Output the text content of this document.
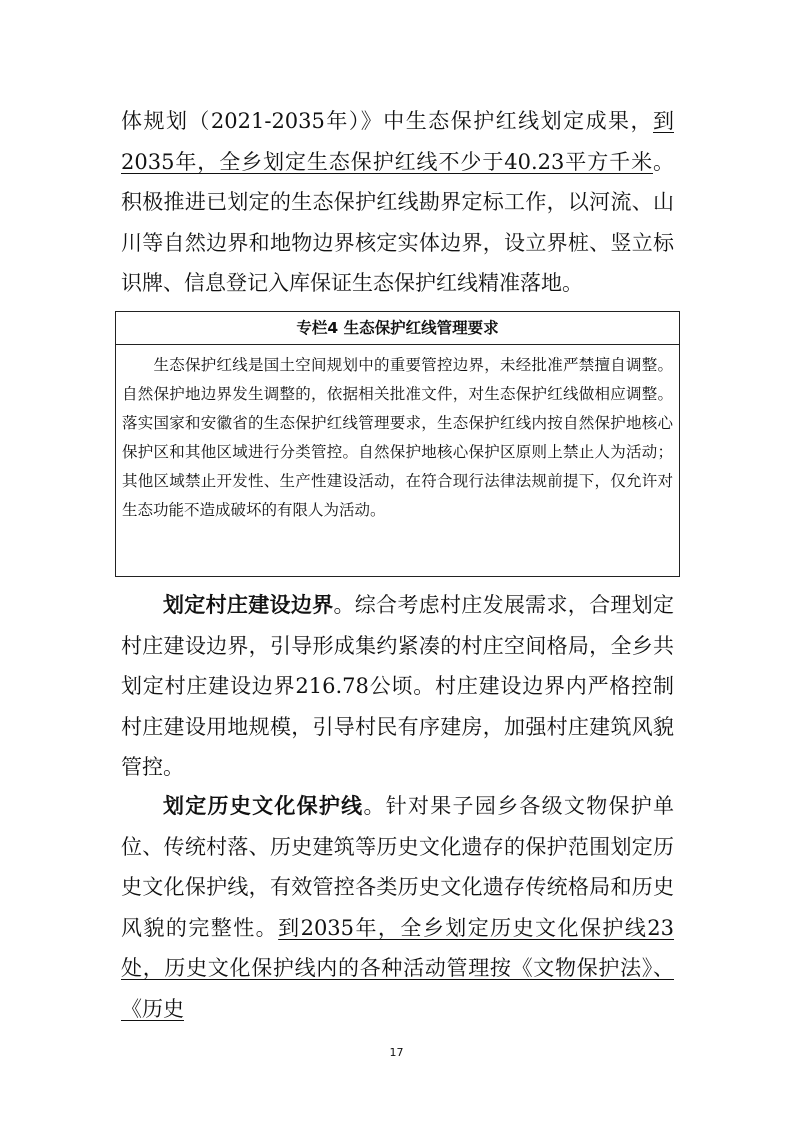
体规划（2021-2035年）》中生态保护红线划定成果，到2035年，全乡划定生态保护红线不少于40.23平方千米。积极推进已划定的生态保护红线勘界定标工作，以河流、山川等自然边界和地物边界核定实体边界，设立界桩、竖立标识牌、信息登记入库保证生态保护红线精准落地。

专栏4 生态保护红线管理要求
　　生态保护红线是国土空间规划中的重要管控边界，未经批准严禁擅自调整。自然保护地边界发生调整的，依据相关批准文件，对生态保护红线做相应调整。落实国家和安徽省的生态保护红线管理要求，生态保护红线内按自然保护地核心保护区和其他区域进行分类管控。自然保护地核心保护区原则上禁止人为活动；其他区域禁止开发性、生产性建设活动，在符合现行法律法规前提下，仅允许对生态功能不造成破坏的有限人为活动。

划定村庄建设边界。综合考虑村庄发展需求，合理划定村庄建设边界，引导形成集约紧凑的村庄空间格局，全乡共划定村庄建设边界216.78公顷。村庄建设边界内严格控制村庄建设用地规模，引导村民有序建房，加强村庄建筑风貌管控。

划定历史文化保护线。针对果子园乡各级文物保护单位、传统村落、历史建筑等历史文化遗存的保护范围划定历史文化保护线，有效管控各类历史文化遗存传统格局和历史风貌的完整性。到2035年，全乡划定历史文化保护线23处，历史文化保护线内的各种活动管理按《文物保护法》、《历史

17
